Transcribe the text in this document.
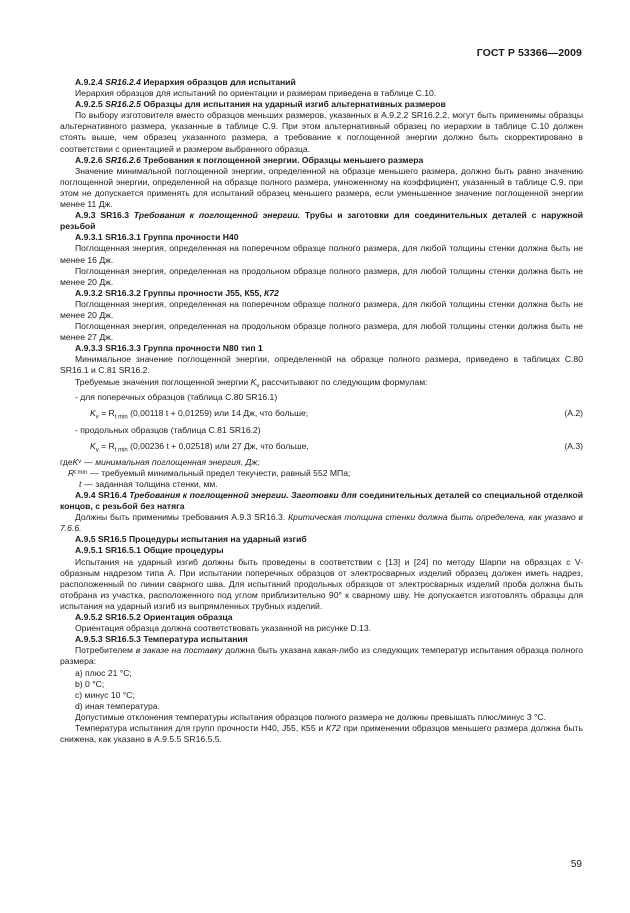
ГОСТ Р 53366—2009

А.9.2.4 SR16.2.4 Иерархия образцов для испытаний

Иерархия образцов для испытаний по ориентации и размерам приведена в таблице С.10.

А.9.2.5 SR16.2.5 Образцы для испытания на ударный изгиб альтернативных размеров

По выбору изготовителя вместо образцов меньших размеров, указанных в А.9.2.2 SR16.2.2, могут быть применимы образцы альтернативного размера, указанные в таблице С.9. При этом альтернативный образец по иерархии в таблице С.10 должен стоять выше, чем образец указанного размера, а требование к поглощенной энергии должно быть скорректировано в соответствии с ориентацией и размером выбранного образца.

А.9.2.6 SR16.2.6 Требования к поглощенной энергии. Образцы меньшего размера

Значение минимальной поглощенной энергии, определенной на образце меньшего размера, должно быть равно значению поглощенной энергии, определенной на образце полного размера, умноженному на коэффициент, указанный в таблице С.9, при этом не допускается применять для испытаний образец меньшего размера, если уменьшенное значение поглощенной энергии менее 11 Дж.

А.9.3 SR16.3 Требования к поглощенной энергии. Трубы и заготовки для соединительных деталей с наружной резьбой

А.9.3.1 SR16.3.1 Группа прочности Н40

Поглощенная энергия, определенная на поперечном образце полного размера, для любой толщины стенки должна быть не менее 16 Дж.

Поглощенная энергия, определенная на продольном образце полного размера, для любой толщины стенки должна быть не менее 20 Дж.

А.9.3.2 SR16.3.2 Группы прочности J55, К55, К72

Поглощенная энергия, определенная на поперечном образце полного размера, для любой толщины стенки должна быть не менее 20 Дж.

Поглощенная энергия, определенная на продольном образце полного размера, для любой толщины стенки должна быть не менее 27 Дж.

А.9.3.3 SR16.3.3 Группа прочности N80 тип 1

Минимальное значение поглощенной энергии, определенной на образце полного размера, приведено в таблицах С.80 SR16.1 и С.81 SR16.2.

Требуемые значения поглощенной энергии $K_v$ рассчитывают по следующим формулам:

- для поперечных образцов (таблица С.80 SR16.1)

$K_v = R_{t min}$ (0,00118 t + 0,01259) или 14 Дж, что больше;	(А.2)

- продольных образцов (таблица С.81 SR16.2)

$K_v = R_{t min}$ (0,00236 t + 0,02518) или 27 Дж, что больше,	(А.3)
где K v — минимальная поглощенная энергия, Дж;
R t min — требуемый минимальный предел текучести, равный 552 МПа;
t — заданная толщина стенки, мм.

А.9.4 SR16.4 Требования к поглощенной энергии. Заготовки для соединительных деталей со специальной отделкой концов, с резьбой без натяга

Должны быть применимы требования А.9.3 SR16.3. Критическая толщина стенки должна быть определена, как указано в 7.6.6.

А.9.5 SR16.5 Процедуры испытания на ударный изгиб

А.9.5.1 SR16.5.1 Общие процедуры

Испытания на ударный изгиб должны быть проведены в соответствии с [13] и [24] по методу Шарпи на образцах с V-образным надрезом типа А. При испытании поперечных образцов от электросварных изделий образец должен иметь надрез, расположенный по линии сварного шва. Для испытаний продольных образцов от электросварных изделий проба должна быть отобрана из участка, расположенного под углом приблизительно 90° к сварному шву. Не допускается изготовлять образцы для испытания на ударный изгиб из выпрямленных трубных изделий.

А.9.5.2 SR16.5.2 Ориентация образца

Ориентация образца должна соответствовать указанной на рисунке D.13.

А.9.5.3 SR16.5.3 Температура испытания

Потребителем в заказе на поставку должна быть указана какая-либо из следующих температур испытания образца полного размера:

а) плюс 21 °С;

b) 0 °С;

с) минус 10 °С;

d) иная температура.

Допустимые отклонения температуры испытания образцов полного размера не должны превышать плюс/минус 3 °С.

Температура испытания для групп прочности Н40, J55, К55 и К72 при применении образцов меньшего размера должна быть снижена, как указано в А.9.5.5 SR16.5.5.

59
